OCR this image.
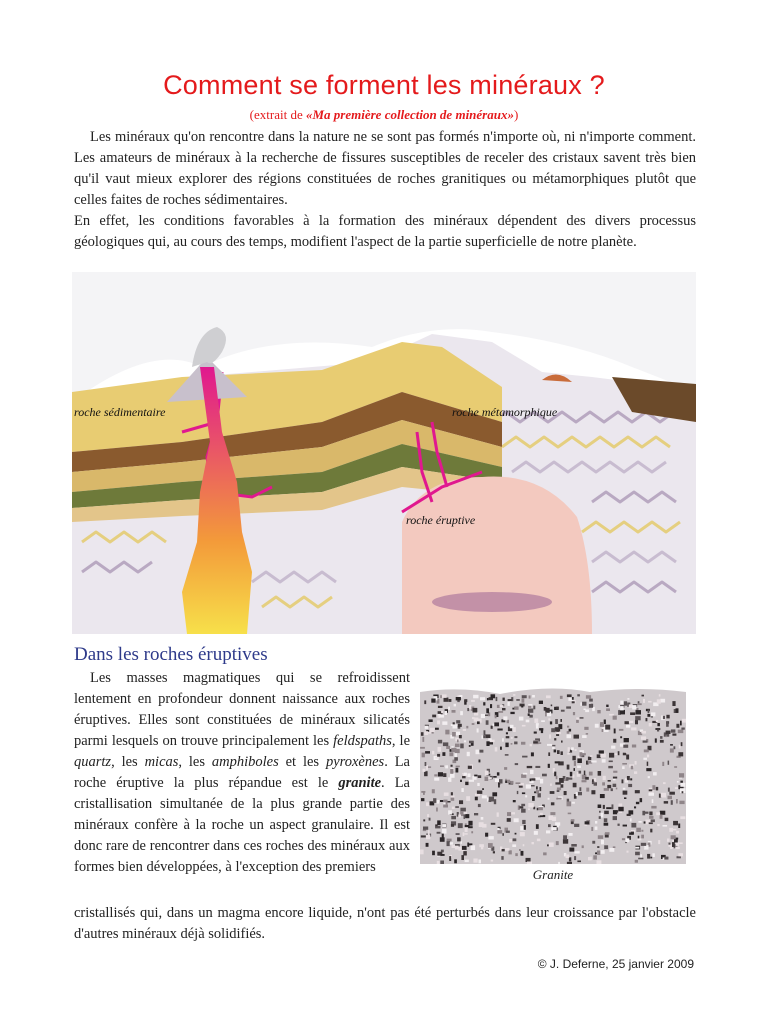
Comment se forment les minéraux ?
(extrait de «Ma première collection de minéraux»)
Les minéraux qu'on rencontre dans la nature ne se sont pas formés n'importe où, ni n'importe comment. Les amateurs de minéraux à la recherche de fissures susceptibles de receler des cristaux savent très bien qu'il vaut mieux explorer des régions constituées de roches granitiques ou métamorphiques plutôt que celles faites de roches sédimentaires.
En effet, les conditions favorables à la formation des minéraux dépendent des divers processus géologiques qui, au cours des temps, modifient l'aspect de la partie superficielle de notre planète.
roche sédimentaire	roche métamorphique
roche éruptive
Dans les roches éruptives
Les masses magmatiques qui se refroidissent lentement en profondeur donnent naissance aux roches éruptives. Elles sont constituées de minéraux silicatés parmi lesquels on trouve principalement les feldspaths, le quartz, les micas, les amphiboles et les pyroxènes. La roche éruptive la plus répandue est le granite. La cristallisation simultanée de la plus grande partie des minéraux confère à la roche un aspect granulaire. Il est donc rare de rencontrer dans ces roches des minéraux aux formes bien développées, à l'exception des premiers	Granite
cristallisés qui, dans un magma encore liquide, n'ont pas été perturbés dans leur croissance par l'obstacle d'autres minéraux déjà solidifiés.
© J. Deferne, 25 janvier 2009
